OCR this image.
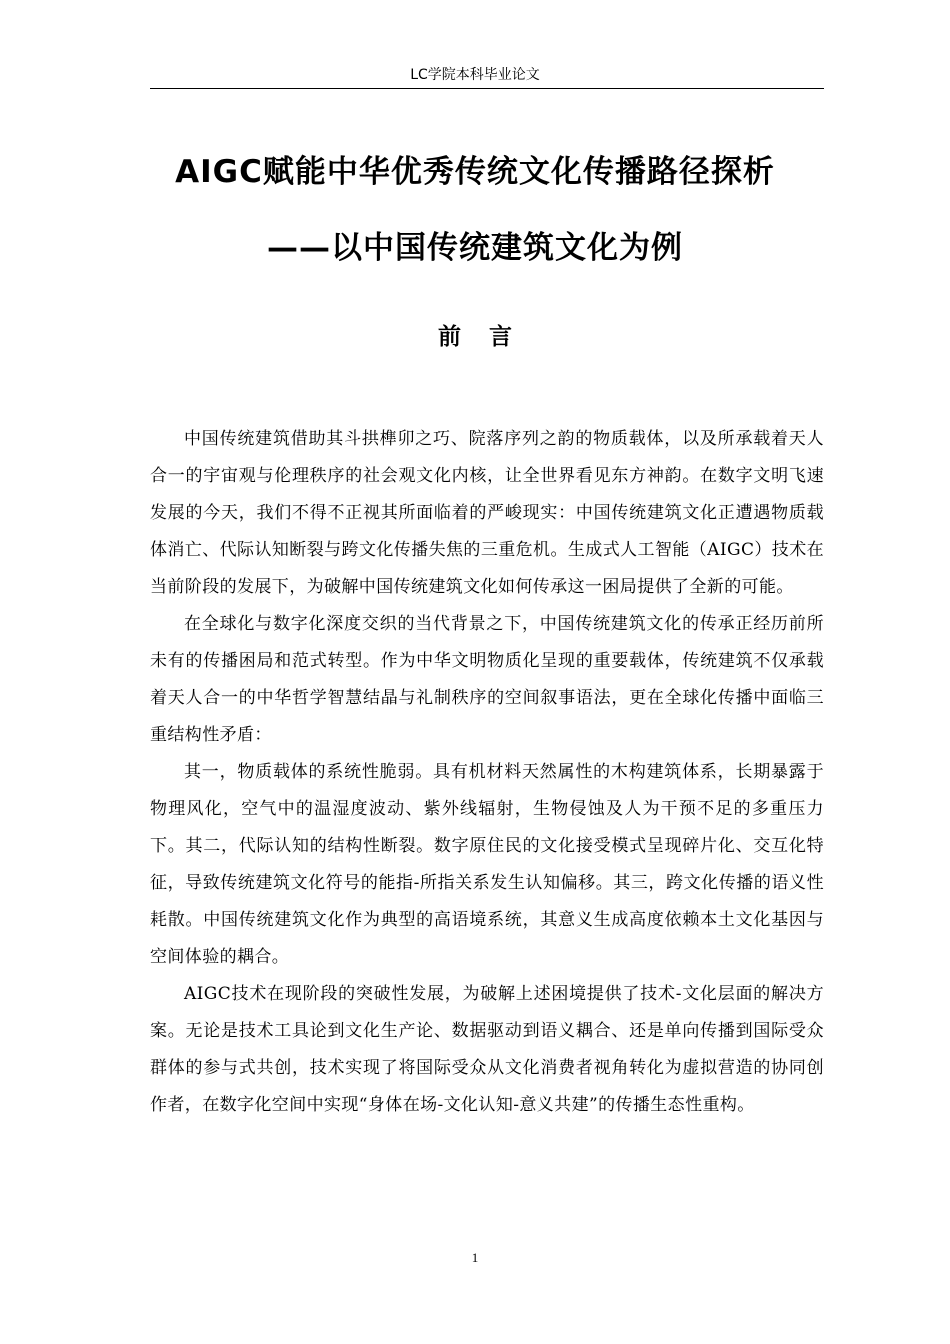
LC学院本科毕业论文
AIGC赋能中华优秀传统文化传播路径探析
——以中国传统建筑文化为例
前言

中国传统建筑借助其斗拱榫卯之巧、院落序列之韵的物质载体，以及所承载着天人合一的宇宙观与伦理秩序的社会观文化内核，让全世界看见东方神韵。在数字文明飞速发展的今天，我们不得不正视其所面临着的严峻现实：中国传统建筑文化正遭遇物质载体消亡、代际认知断裂与跨文化传播失焦的三重危机。生成式人工智能（AIGC）技术在当前阶段的发展下，为破解中国传统建筑文化如何传承这一困局提供了全新的可能。

在全球化与数字化深度交织的当代背景之下，中国传统建筑文化的传承正经历前所未有的传播困局和范式转型。作为中华文明物质化呈现的重要载体，传统建筑不仅承载着天人合一的中华哲学智慧结晶与礼制秩序的空间叙事语法，更在全球化传播中面临三重结构性矛盾：

其一，物质载体的系统性脆弱。具有机材料天然属性的木构建筑体系，长期暴露于物理风化，空气中的温湿度波动、紫外线辐射，生物侵蚀及人为干预不足的多重压力下。其二，代际认知的结构性断裂。数字原住民的文化接受模式呈现碎片化、交互化特征，导致传统建筑文化符号的能指-所指关系发生认知偏移。其三，跨文化传播的语义性耗散。中国传统建筑文化作为典型的高语境系统，其意义生成高度依赖本土文化基因与空间体验的耦合。

AIGC技术在现阶段的突破性发展，为破解上述困境提供了技术-文化层面的解决方案。无论是技术工具论到文化生产论、数据驱动到语义耦合、还是单向传播到国际受众群体的参与式共创，技术实现了将国际受众从文化消费者视角转化为虚拟营造的协同创作者，在数字化空间中实现“身体在场-文化认知-意义共建”的传播生态性重构。

1
